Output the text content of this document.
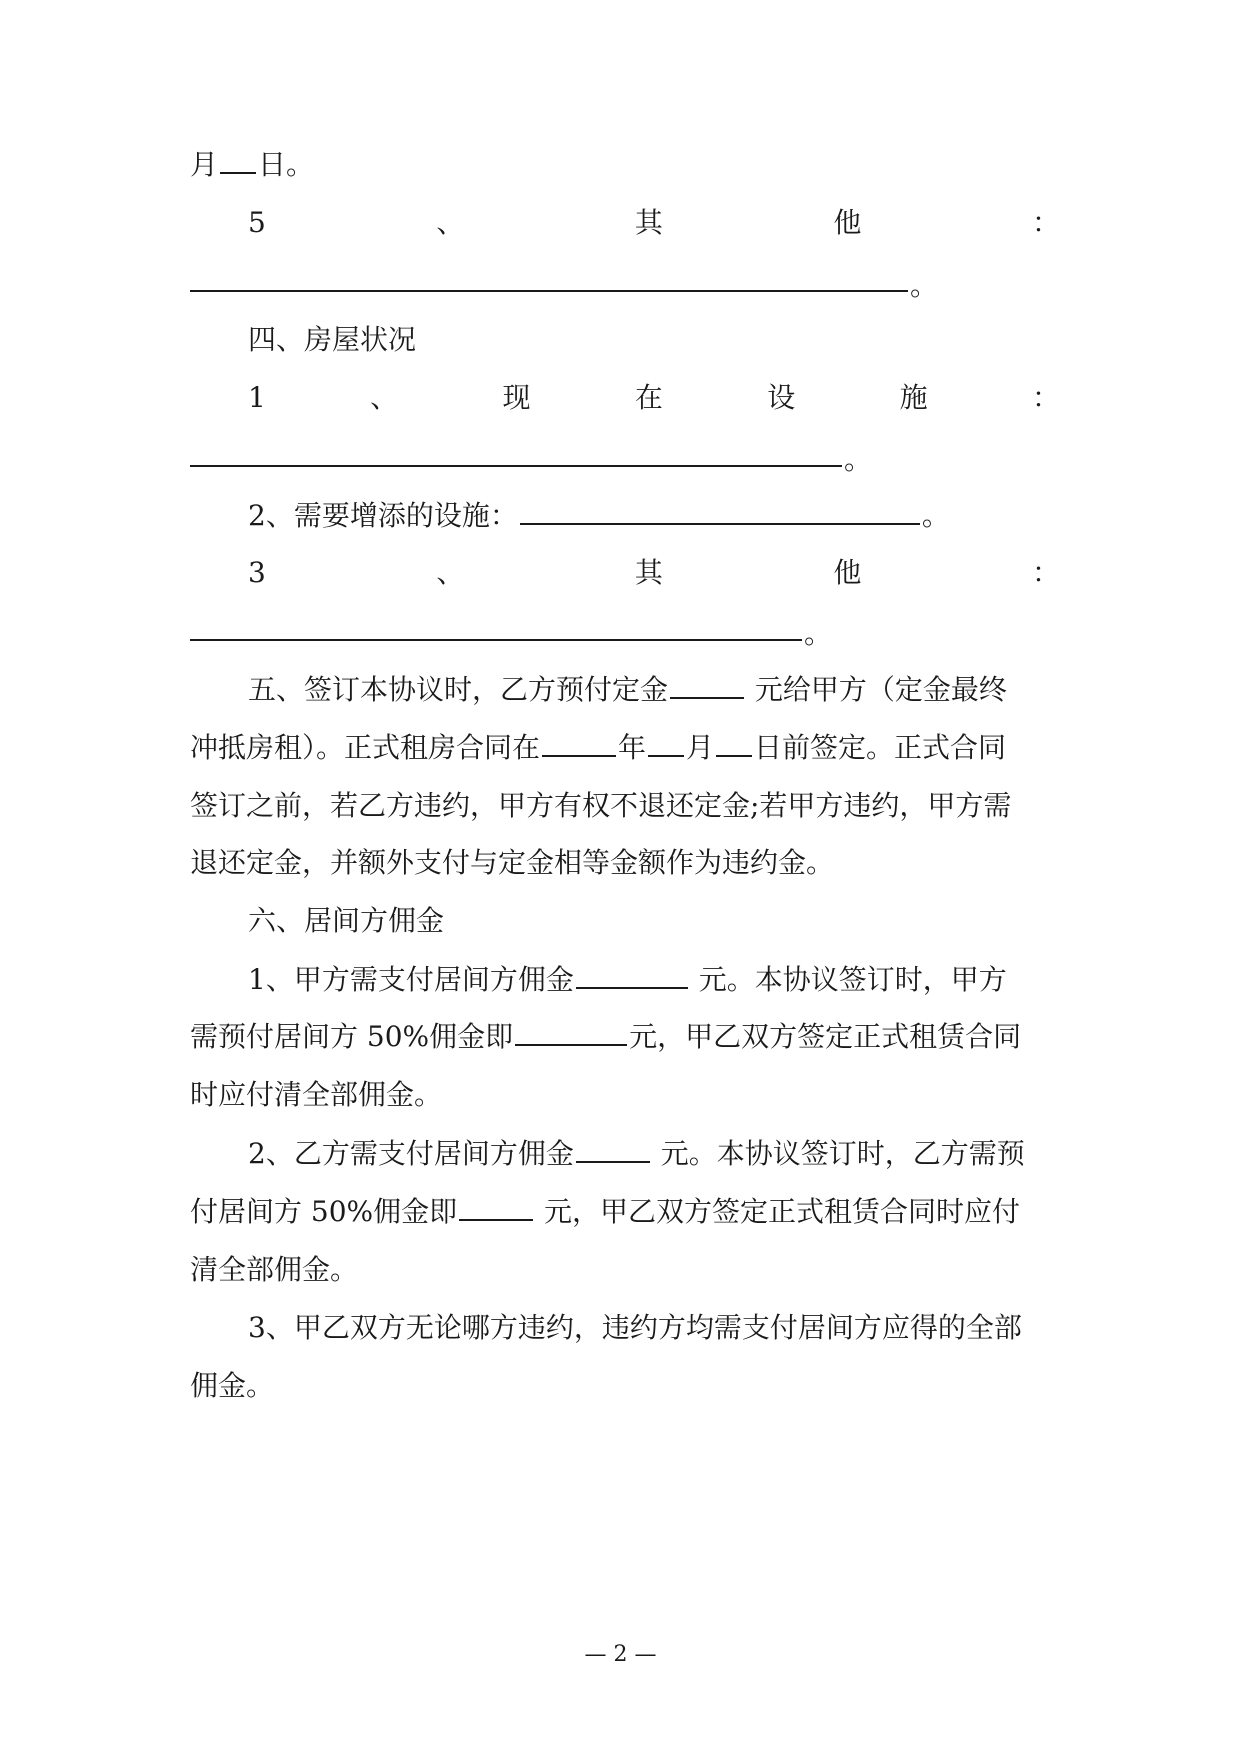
月 日。
5	、	其	他	：
。
四、房屋状况
1	、	现	在	设	施	：
。
2、需要增添的设施：	。
3	、	其	他	：
。
五、签订本协议时，乙方预付定金	元给甲方（定金最终
冲抵房租）。正式租房合同在	年 月 日前签定。正式合同
签订之前，若乙方违约，甲方有权不退还定金;若甲方违约，甲方需
退还定金，并额外支付与定金相等金额作为违约金。
六、居间方佣金
1、甲方需支付居间方佣金	元。本协议签订时，甲方
需预付居间方 50%佣金即	元，甲乙双方签定正式租赁合同
时应付清全部佣金。
2、乙方需支付居间方佣金	元。本协议签订时，乙方需预
付居间方 50%佣金即	元，甲乙双方签定正式租赁合同时应付
清全部佣金。
3、甲乙双方无论哪方违约，违约方均需支付居间方应得的全部
佣金。
— 2 —
